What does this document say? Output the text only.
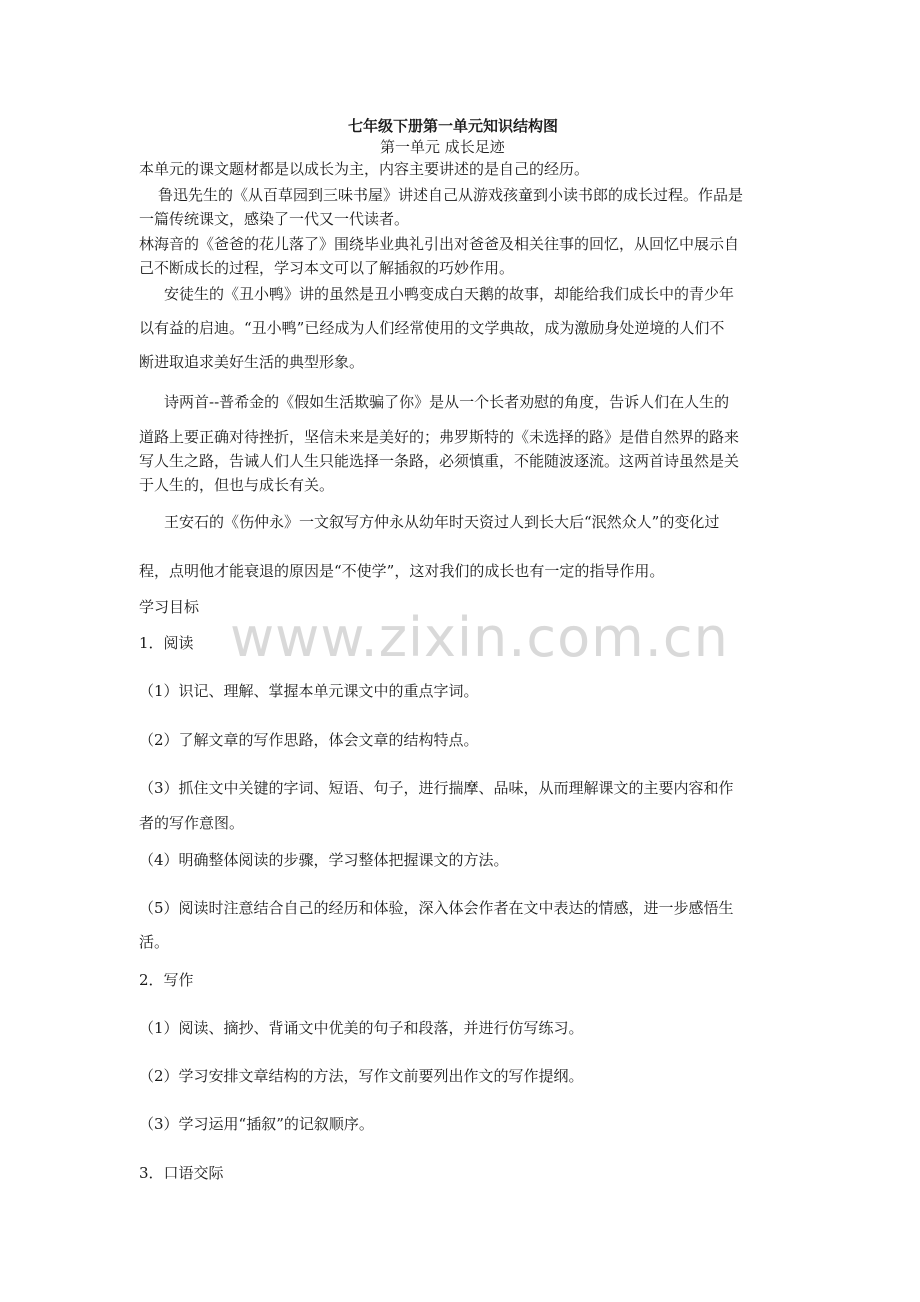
七年级下册第一单元知识结构图
第一单元 成长足迹
本单元的课文题材都是以成长为主，内容主要讲述的是自己的经历。
鲁迅先生的《从百草园到三味书屋》讲述自己从游戏孩童到小读书郎的成长过程。作品是
一篇传统课文，感染了一代又一代读者。
林海音的《爸爸的花儿落了》围绕毕业典礼引出对爸爸及相关往事的回忆，从回忆中展示自
己不断成长的过程，学习本文可以了解插叙的巧妙作用。
安徒生的《丑小鸭》讲的虽然是丑小鸭变成白天鹅的故事，却能给我们成长中的青少年
以有益的启迪。“丑小鸭”已经成为人们经常使用的文学典故，成为激励身处逆境的人们不
断进取追求美好生活的典型形象。
诗两首--普希金的《假如生活欺骗了你》是从一个长者劝慰的角度，告诉人们在人生的
道路上要正确对待挫折，坚信未来是美好的；弗罗斯特的《未选择的路》是借自然界的路来
写人生之路，告诫人们人生只能选择一条路，必须慎重，不能随波逐流。这两首诗虽然是关
于人生的，但也与成长有关。
王安石的《伤仲永》一文叙写方仲永从幼年时天资过人到长大后“泯然众人”的变化过
程，点明他才能衰退的原因是“不使学”，这对我们的成长也有一定的指导作用。
学习目标
1．阅读
（1）识记、理解、掌握本单元课文中的重点字词。
（2）了解文章的写作思路，体会文章的结构特点。
（3）抓住文中关键的字词、短语、句子，进行揣摩、品味，从而理解课文的主要内容和作
者的写作意图。
（4）明确整体阅读的步骤，学习整体把握课文的方法。
（5）阅读时注意结合自己的经历和体验，深入体会作者在文中表达的情感，进一步感悟生
活。
2．写作
（1）阅读、摘抄、背诵文中优美的句子和段落，并进行仿写练习。
（2）学习安排文章结构的方法，写作文前要列出作文的写作提纲。
（3）学习运用“插叙”的记叙顺序。
3．口语交际
www.zixin.com.cn
